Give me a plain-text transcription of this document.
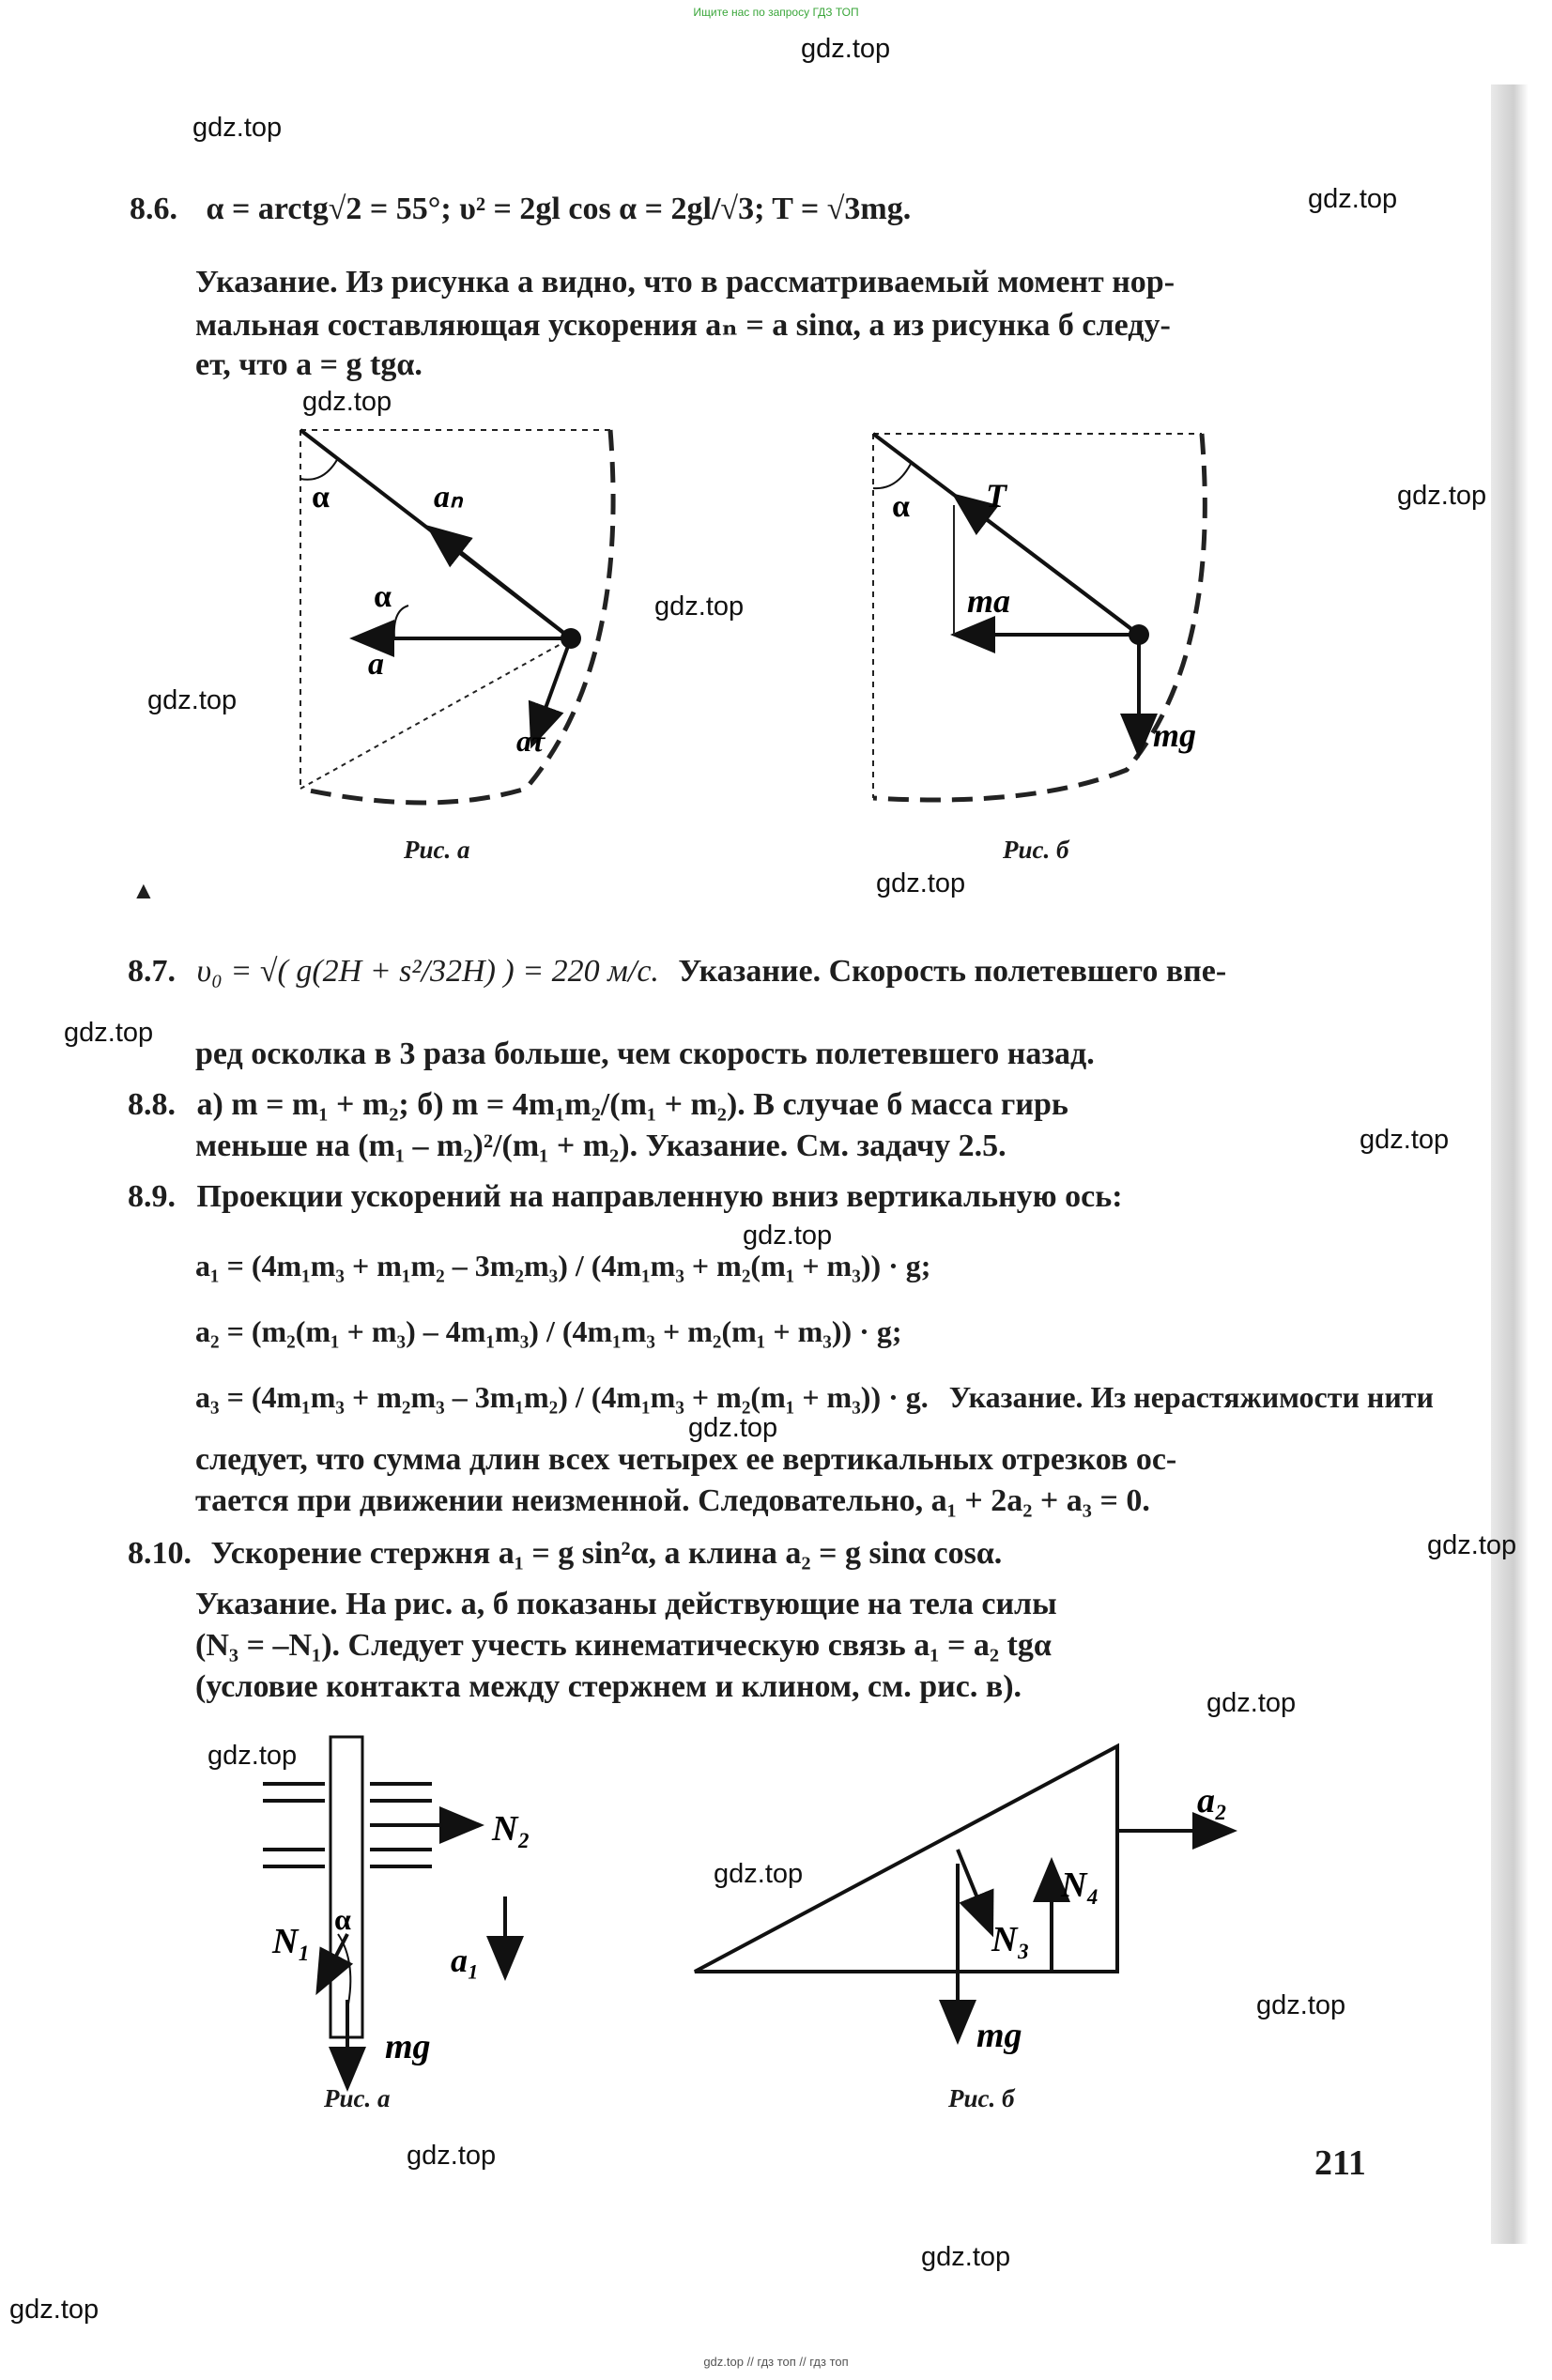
Ищите нас по запросу ГДЗ ТОП
gdz.top
gdz.top
gdz.top
gdz.top
gdz.top
gdz.top
gdz.top
gdz.top
gdz.top
gdz.top
gdz.top
gdz.top
gdz.top
gdz.top
gdz.top
gdz.top
gdz.top
gdz.top
gdz.top
gdz.top
8.6. α = arctg√2 = 55°; υ² = 2gl cos α = 2gl/√3; T = √3mg.
Указание. Из рисунка а видно, что в рассматриваемый момент нор-
мальная составляющая ускорения aₙ = a sinα, а из рисунка б следу-
ет, что a = g tgα.
α	aₙ
α
a
aτ
Рис. а
α T
ma
mg
Рис. б
▲
8.7. υ₀ = √( g(2H + s²/32H) ) = 220 м/с. Указание. Скорость полетевшего впе-
ред осколка в 3 раза больше, чем скорость полетевшего назад.
8.8. а) m = m₁ + m₂; б) m = 4m₁m₂/(m₁ + m₂). В случае б масса гирь
меньше на (m₁ – m₂)²/(m₁ + m₂). Указание. См. задачу 2.5.
8.9. Проекции ускорений на направленную вниз вертикальную ось:
a₁ = (4m₁m₃ + m₁m₂ – 3m₂m₃) / (4m₁m₃ + m₂(m₁ + m₃)) · g;
a₂ = (m₂(m₁ + m₃) – 4m₁m₃) / (4m₁m₃ + m₂(m₁ + m₃)) · g;
a₃ = (4m₁m₃ + m₂m₃ – 3m₁m₂) / (4m₁m₃ + m₂(m₁ + m₃)) · g. Указание. Из нерастяжимости нити
следует, что сумма длин всех четырех ее вертикальных отрезков ос-
тается при движении неизменной. Следовательно, a₁ + 2a₂ + a₃ = 0.
8.10. Ускорение стержня a₁ = g sin²α, а клина a₂ = g sinα cosα.
Указание. На рис. а, б показаны действующие на тела силы
(N₃ = –N₁). Следует учесть кинематическую связь a₁ = a₂ tgα
(условие контакта между стержнем и клином, см. рис. в).
N₂
α
N₁	a₁
mg
Рис. а
a₂
N₄
N₃
mg
Рис. б
211
gdz.top // гдз топ // гдз топ
